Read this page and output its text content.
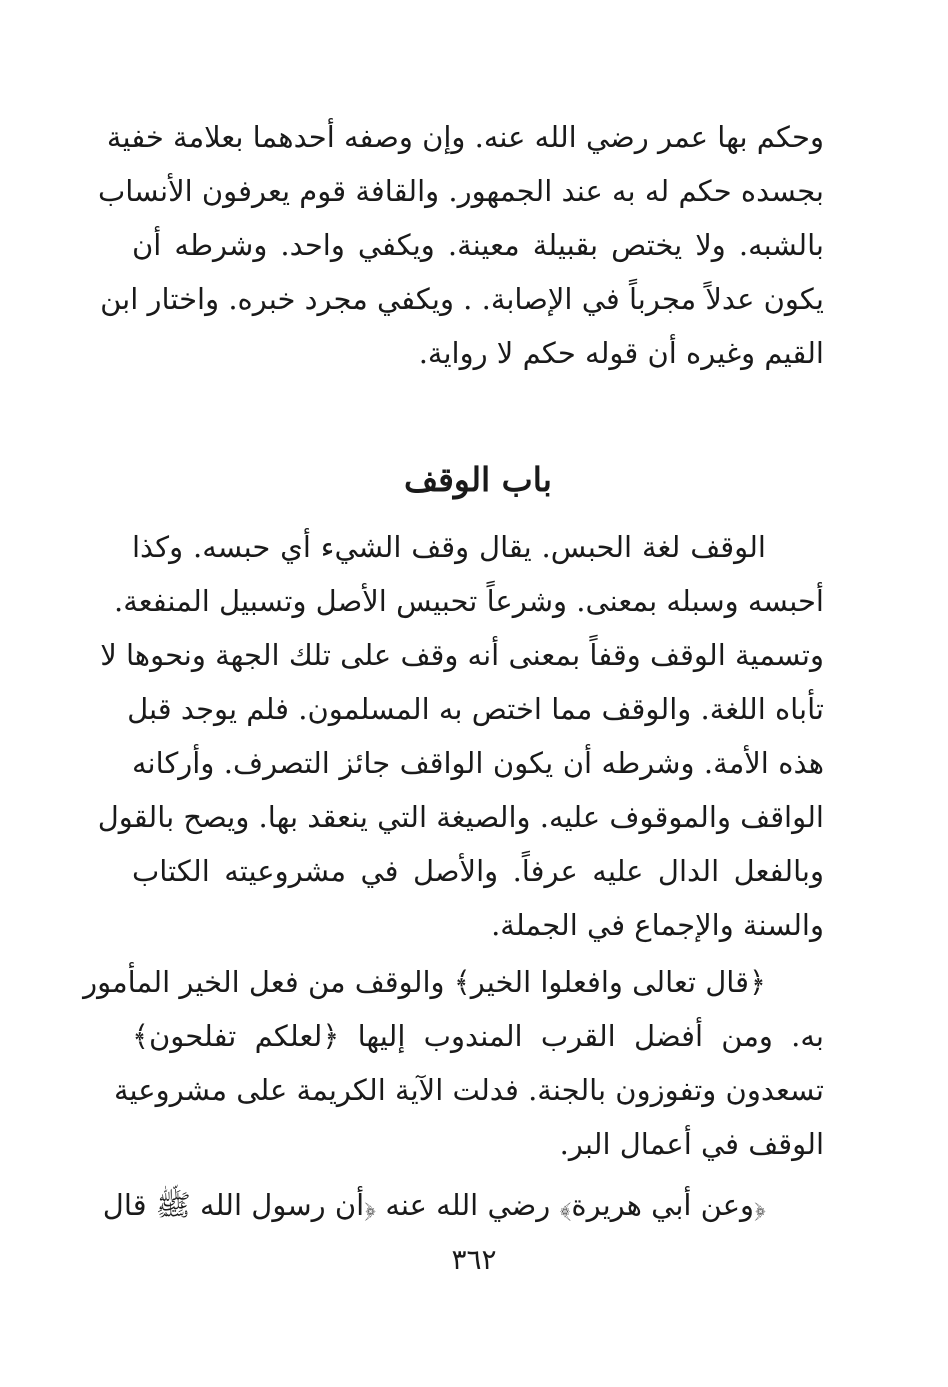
وحكم بها عمر رضي الله عنه. وإن وصفه أحدهما بعلامة خفية
بجسده حكم له به عند الجمهور. والقافة قوم يعرفون الأنساب
بالشبه. ولا يختص بقبيلة معينة. ويكفي واحد. وشرطه أن
يكون عدلاً مجرباً في الإصابة. . ويكفي مجرد خبره. واختار ابن
القيم وغيره أن قوله حكم لا رواية.
باب الوقف
الوقف لغة الحبس. يقال وقف الشيء أي حبسه. وكذا
أحبسه وسبله بمعنى. وشرعاً تحبيس الأصل وتسبيل المنفعة.
وتسمية الوقف وقفاً بمعنى أنه وقف على تلك الجهة ونحوها لا
تأباه اللغة. والوقف مما اختص به المسلمون. فلم يوجد قبل
هذه الأمة. وشرطه أن يكون الواقف جائز التصرف. وأركانه
الواقف والموقوف عليه. والصيغة التي ينعقد بها. ويصح بالقول
وبالفعل الدال عليه عرفاً. والأصل في مشروعيته الكتاب
والسنة والإجماع في الجملة.
﴿قال تعالى وافعلوا الخير﴾ والوقف من فعل الخير المأمور
به. ومن أفضل القرب المندوب إليها ﴿لعلكم تفلحون﴾
تسعدون وتفوزون بالجنة. فدلت الآية الكريمة على مشروعية
الوقف في أعمال البر.
﴿وعن أبي هريرة﴾ رضي الله عنه ﴿أن رسول الله ﷺ قال
٣٦٢
